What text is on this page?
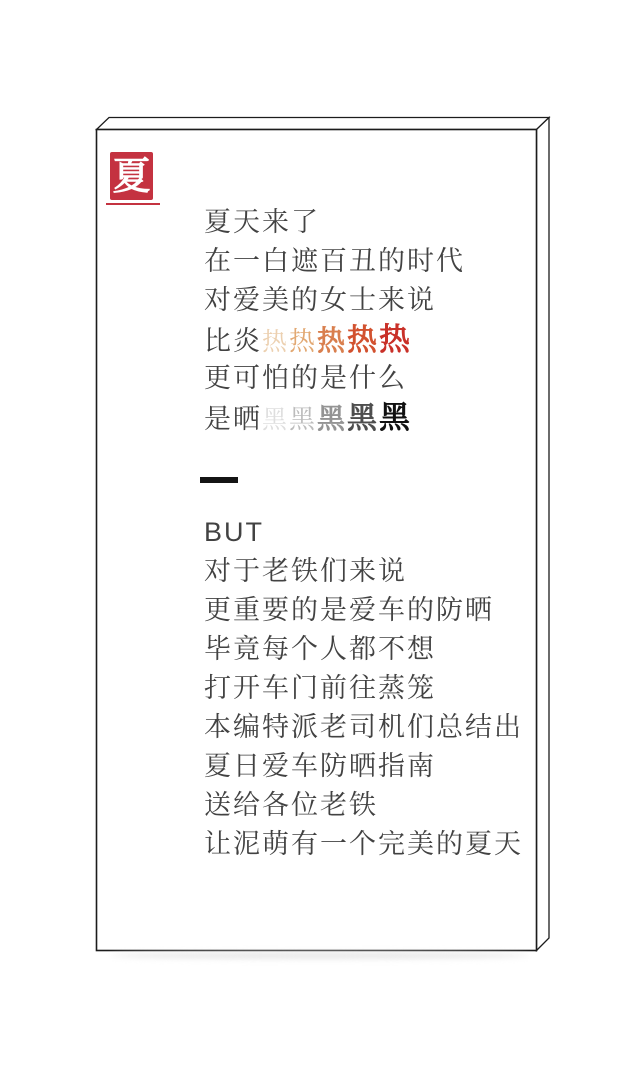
夏
夏天来了
在一白遮百丑的时代
对爱美的女士来说
比炎热热热热热
更可怕的是什么
是晒黑黑黑黑黑
BUT
对于老铁们来说
更重要的是爱车的防晒
毕竟每个人都不想
打开车门前往蒸笼
本编特派老司机们总结出
夏日爱车防晒指南
送给各位老铁
让泥萌有一个完美的夏天
